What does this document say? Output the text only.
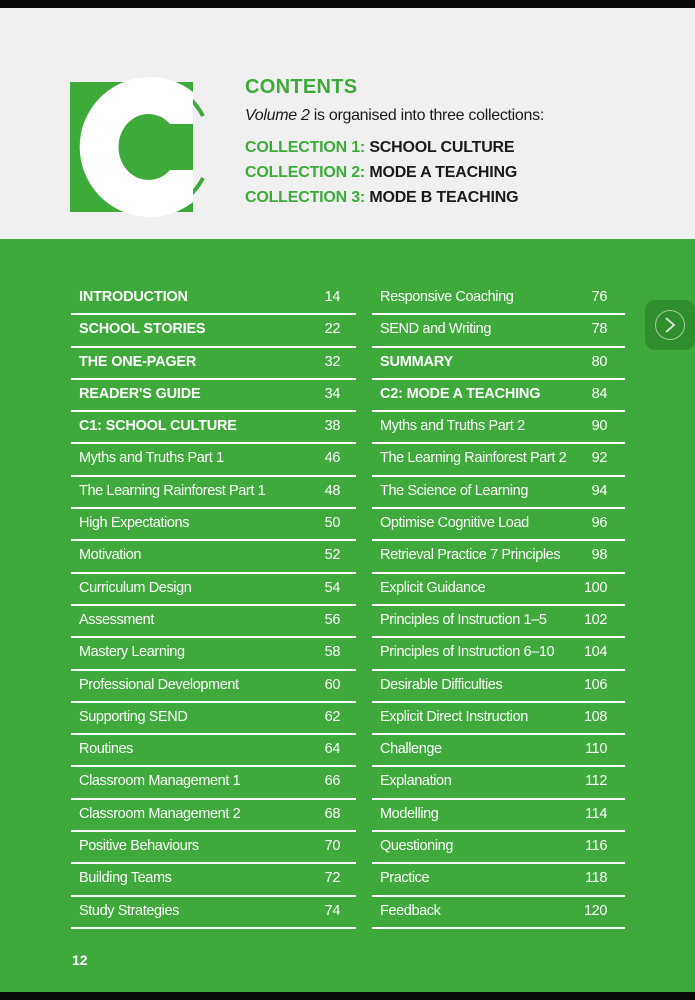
CONTENTS
Volume 2 is organised into three collections:
COLLECTION 1: SCHOOL CULTURE
COLLECTION 2: MODE A TEACHING
COLLECTION 3: MODE B TEACHING
INTRODUCTION	14
SCHOOL STORIES	22
THE ONE-PAGER	32
READER'S GUIDE	34
C1: SCHOOL CULTURE	38
Myths and Truths Part 1	46
The Learning Rainforest Part 1	48
High Expectations	50
Motivation	52
Curriculum Design	54
Assessment	56
Mastery Learning	58
Professional Development	60
Supporting SEND	62
Routines	64
Classroom Management 1	66
Classroom Management 2	68
Positive Behaviours	70
Building Teams	72
Study Strategies	74
Responsive Coaching	76
SEND and Writing	78
SUMMARY	80
C2: MODE A TEACHING	84
Myths and Truths Part 2	90
The Learning Rainforest Part 2 92
The Science of Learning	94
Optimise Cognitive Load	96
Retrieval Practice 7 Principles 98
Explicit Guidance	100
Principles of Instruction 1–5	102
Principles of Instruction 6–10 104
Desirable Difficulties	106
Explicit Direct Instruction	108
Challenge	110
Explanation	112
Modelling	114
Questioning	116
Practice	118
Feedback	120
12
